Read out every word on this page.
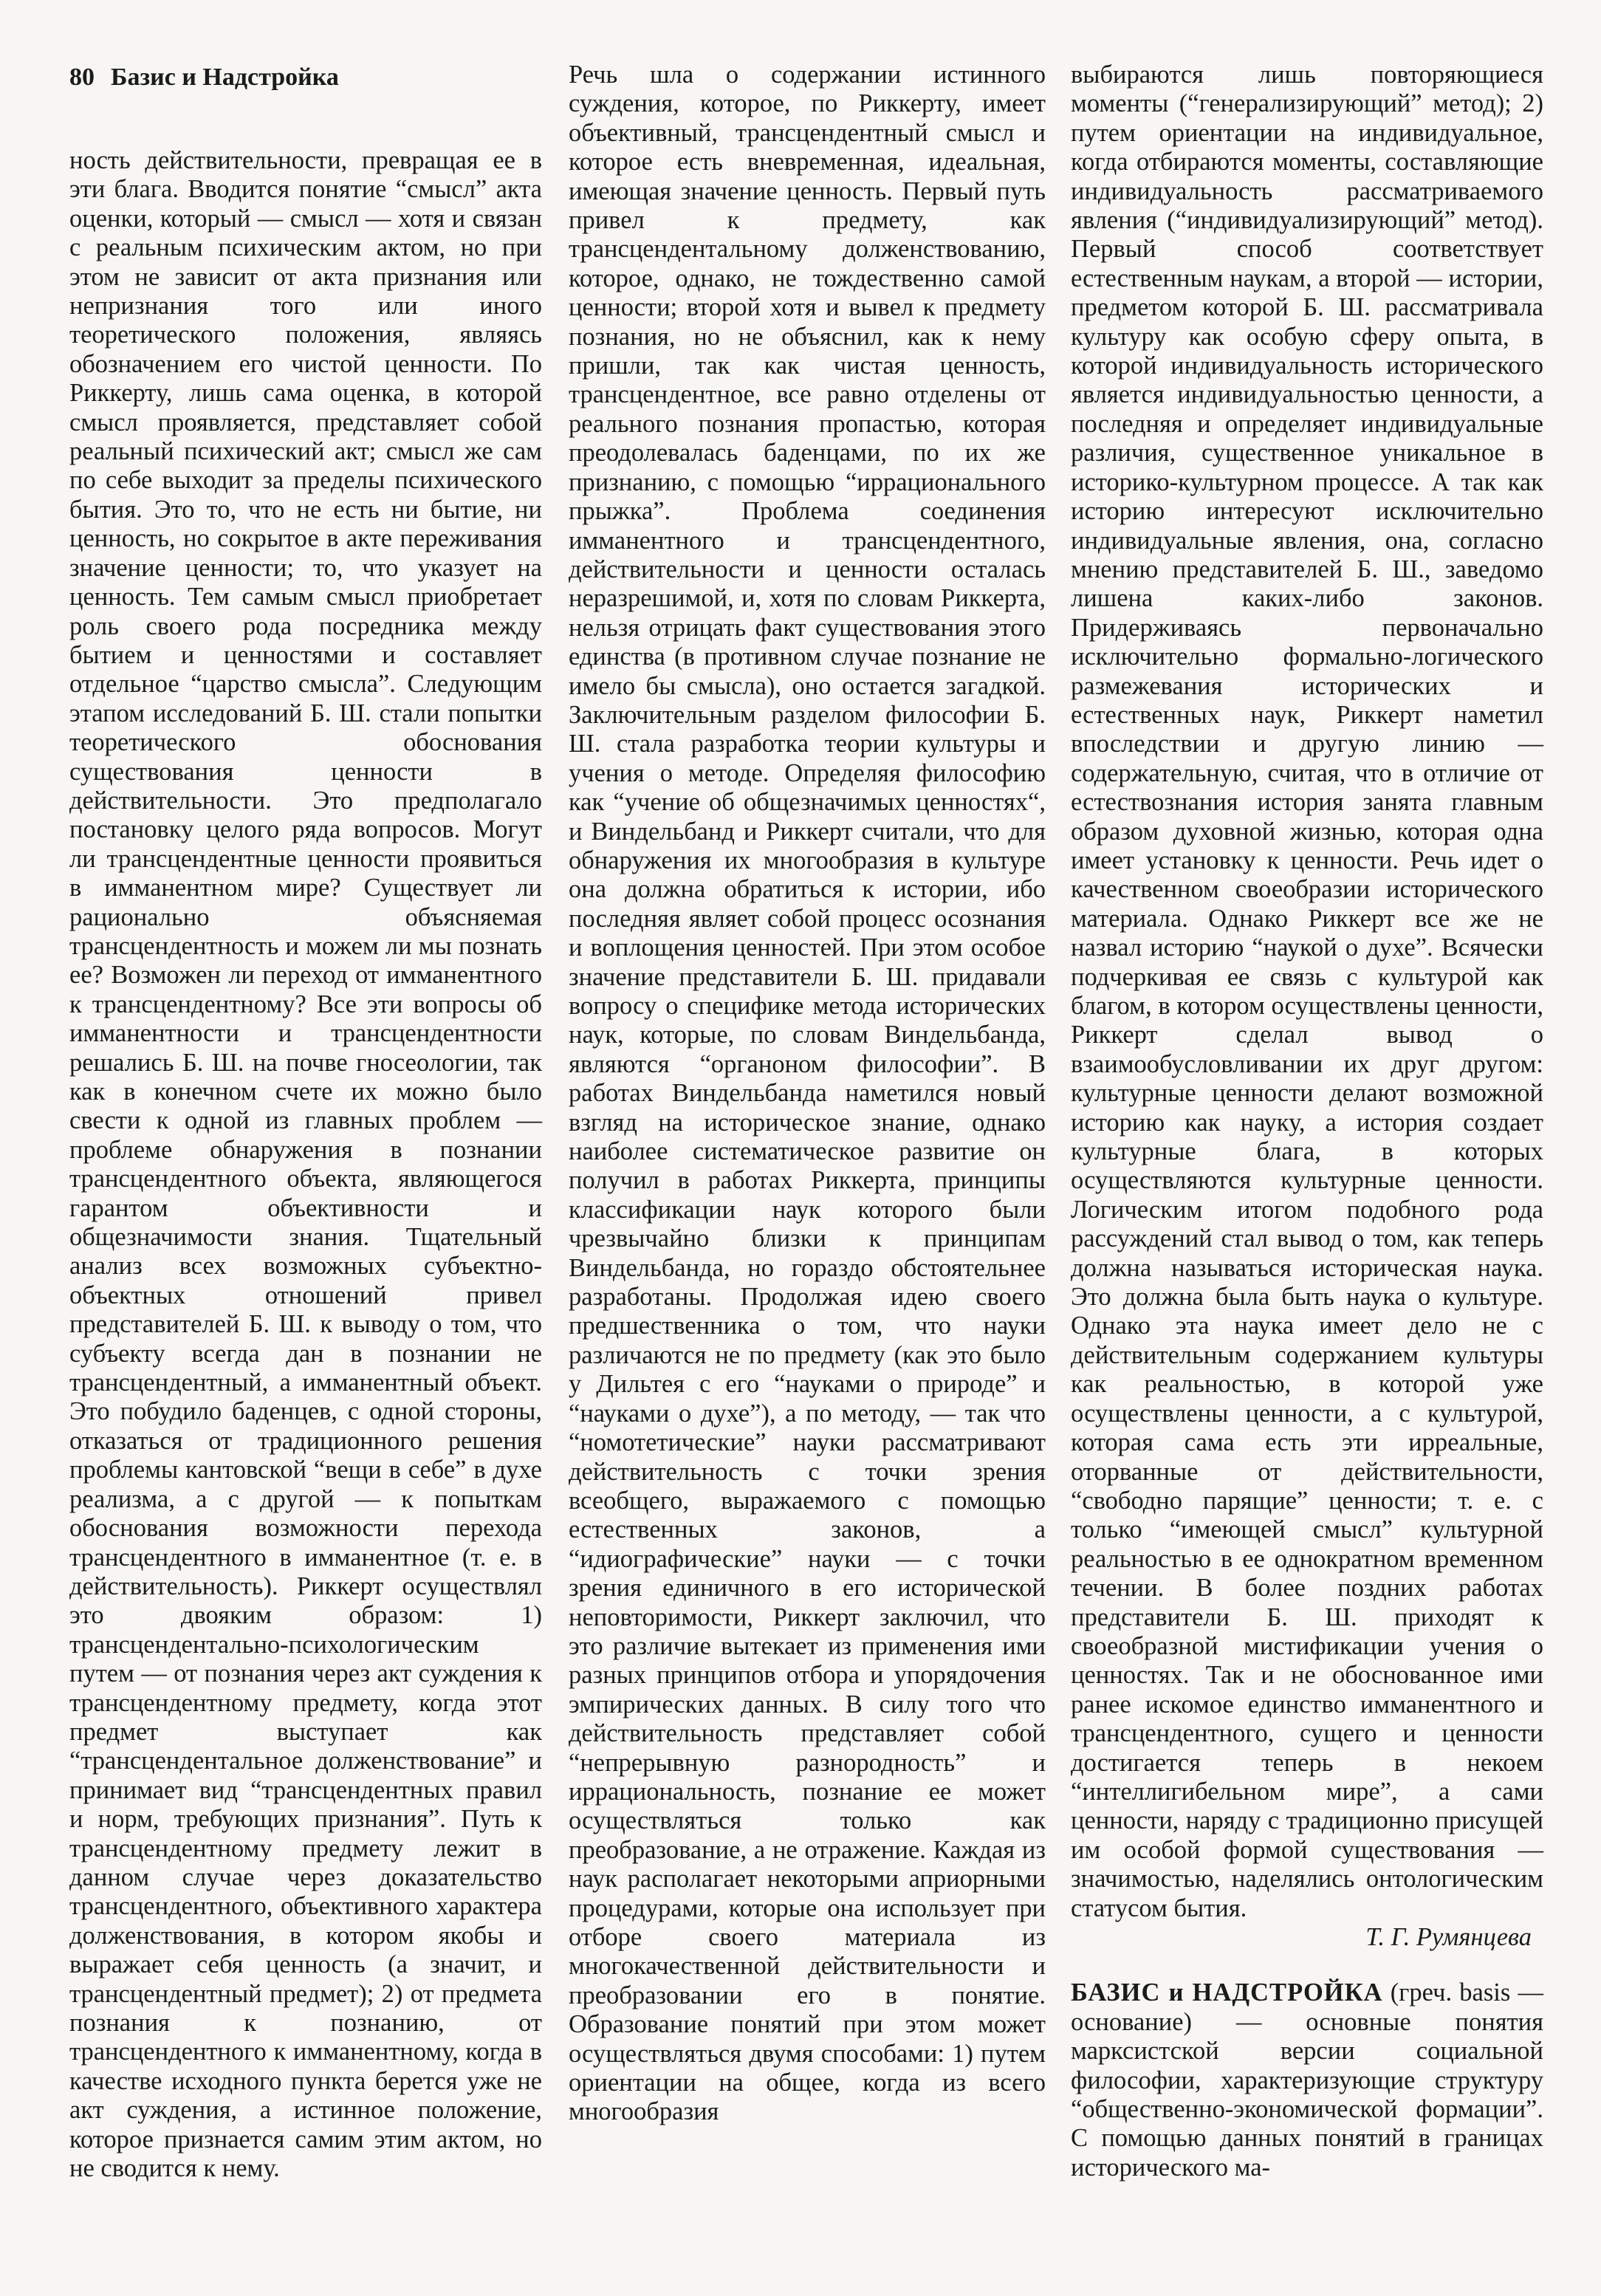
80 Базис и Надстройка

ность действительности, превращая ее в эти блага. Вводится понятие “смысл” акта оценки, который — смысл — хотя и связан с реальным психическим актом, но при этом не зависит от акта признания или непризнания того или иного теоретического положения, являясь обозначением его чистой ценности. По Риккерту, лишь сама оценка, в которой смысл проявляется, представляет собой реальный психический акт; смысл же сам по себе выходит за пределы психического бытия. Это то, что не есть ни бытие, ни ценность, но сокрытое в акте переживания значение ценности; то, что указует на ценность. Тем самым смысл приобретает роль своего рода посредника между бытием и ценностями и составляет отдельное “царство смысла”. Следующим этапом исследований Б. Ш. стали попытки теоретического обоснования существования ценности в действительности. Это предполагало постановку целого ряда вопросов. Могут ли трансцендентные ценности проявиться в имманентном мире? Существует ли рационально объясняемая трансцендентность и можем ли мы познать ее? Возможен ли переход от имманентного к трансцендентному? Все эти вопросы об имманентности и трансцендентности решались Б. Ш. на почве гносеологии, так как в конечном счете их можно было свести к одной из главных проблем — проблеме обнаружения в познании трансцендентного объекта, являющегося гарантом объективности и общезначимости знания. Тщательный анализ всех возможных субъектно-объектных отношений привел представителей Б. Ш. к выводу о том, что субъекту всегда дан в познании не трансцендентный, а имманентный объект. Это побудило баденцев, с одной стороны, отказаться от традиционного решения проблемы кантовской “вещи в себе” в духе реализма, а с другой — к попыткам обоснования возможности перехода трансцендентного в имманентное (т. е. в действительность). Риккерт осуществлял это двояким образом: 1) трансцендентально-психологическим путем — от познания через акт суждения к трансцендентному предмету, когда этот предмет выступает как “трансцендентальное долженствование” и принимает вид “трансцендентных правил и норм, требующих признания”. Путь к трансцендентному предмету лежит в данном случае через доказательство трансцендентного, объективного характера долженствования, в котором якобы и выражает себя ценность (а значит, и трансцендентный предмет); 2) от предмета познания к познанию, от трансцендентного к имманентному, когда в качестве исходного пункта берется уже не акт суждения, а истинное положение, которое признается самим этим актом, но не сводится к нему.

Речь шла о содержании истинного суждения, которое, по Риккерту, имеет объективный, трансцендентный смысл и которое есть вневременная, идеальная, имеющая значение ценность. Первый путь привел к предмету, как трансцендентальному долженствованию, которое, однако, не тождественно самой ценности; второй хотя и вывел к предмету познания, но не объяснил, как к нему пришли, так как чистая ценность, трансцендентное, все равно отделены от реального познания пропастью, которая преодолевалась баденцами, по их же признанию, с помощью “иррационального прыжка”. Проблема соединения имманентного и трансцендентного, действительности и ценности осталась неразрешимой, и, хотя по словам Риккерта, нельзя отрицать факт существования этого единства (в противном случае познание не имело бы смысла), оно остается загадкой. Заключительным разделом философии Б. Ш. стала разработка теории культуры и учения о методе. Определяя философию как “учение об общезначимых ценностях“, и Виндельбанд и Риккерт считали, что для обнаружения их многообразия в культуре она должна обратиться к истории, ибо последняя являет собой процесс осознания и воплощения ценностей. При этом особое значение представители Б. Ш. придавали вопросу о специфике метода исторических наук, которые, по словам Виндельбанда, являются “органоном философии”. В работах Виндельбанда наметился новый взгляд на историческое знание, однако наиболее систематическое развитие он получил в работах Риккерта, принципы классификации наук которого были чрезвычайно близки к принципам Виндельбанда, но гораздо обстоятельнее разработаны. Продолжая идею своего предшественника о том, что науки различаются не по предмету (как это было у Дильтея с его “науками о природе” и “науками о духе”), а по методу, — так что “номотетические” науки рассматривают действительность с точки зрения всеобщего, выражаемого с помощью естественных законов, а “идиографические” науки — с точки зрения единичного в его исторической неповторимости, Риккерт заключил, что это различие вытекает из применения ими разных принципов отбора и упорядочения эмпирических данных. В силу того что действительность представляет собой “непрерывную разнородность” и иррациональность, познание ее может осуществляться только как преобразование, а не отражение. Каждая из наук располагает некоторыми априорными процедурами, которые она использует при отборе своего материала из многокачественной действительности и преобразовании его в понятие. Образование понятий при этом может осуществляться двумя способами: 1) путем ориентации на общее, когда из всего многообразия

выбираются лишь повторяющиеся моменты (“генерализирующий” метод); 2) путем ориентации на индивидуальное, когда отбираются моменты, составляющие индивидуальность рассматриваемого явления (“индивидуализирующий” метод). Первый способ соответствует естественным наукам, а второй — истории, предметом которой Б. Ш. рассматривала культуру как особую сферу опыта, в которой индивидуальность исторического является индивидуальностью ценности, а последняя и определяет индивидуальные различия, существенное уникальное в историко-культурном процессе. А так как историю интересуют исключительно индивидуальные явления, она, согласно мнению представителей Б. Ш., заведомо лишена каких-либо законов. Придерживаясь первоначально исключительно формально-логического размежевания исторических и естественных наук, Риккерт наметил впоследствии и другую линию — содержательную, считая, что в отличие от естествознания история занята главным образом духовной жизнью, которая одна имеет установку к ценности. Речь идет о качественном своеобразии исторического материала. Однако Риккерт все же не назвал историю “наукой о духе”. Всячески подчеркивая ее связь с культурой как благом, в котором осуществлены ценности, Риккерт сделал вывод о взаимообусловливании их друг другом: культурные ценности делают возможной историю как науку, а история создает культурные блага, в которых осуществляются культурные ценности. Логическим итогом подобного рода рассуждений стал вывод о том, как теперь должна называться историческая наука. Это должна была быть наука о культуре. Однако эта наука имеет дело не с действительным содержанием культуры как реальностью, в которой уже осуществлены ценности, а с культурой, которая сама есть эти ирреальные, оторванные от действительности, “свободно парящие” ценности; т. е. с только “имеющей смысл” культурной реальностью в ее однократном временном течении. В более поздних работах представители Б. Ш. приходят к своеобразной мистификации учения о ценностях. Так и не обоснованное ими ранее искомое единство имманентного и трансцендентного, сущего и ценности достигается теперь в некоем “интеллигибельном мире”, а сами ценности, наряду с традиционно присущей им особой формой существования — значимостью, наделялись онтологическим статусом бытия.

Т. Г. Румянцева

БАЗИС и НАДСТРОЙКА (греч. basis — основание) — основные понятия марксистской версии социальной философии, характеризующие структуру “общественно-экономической формации”. С помощью данных понятий в границах исторического ма-
